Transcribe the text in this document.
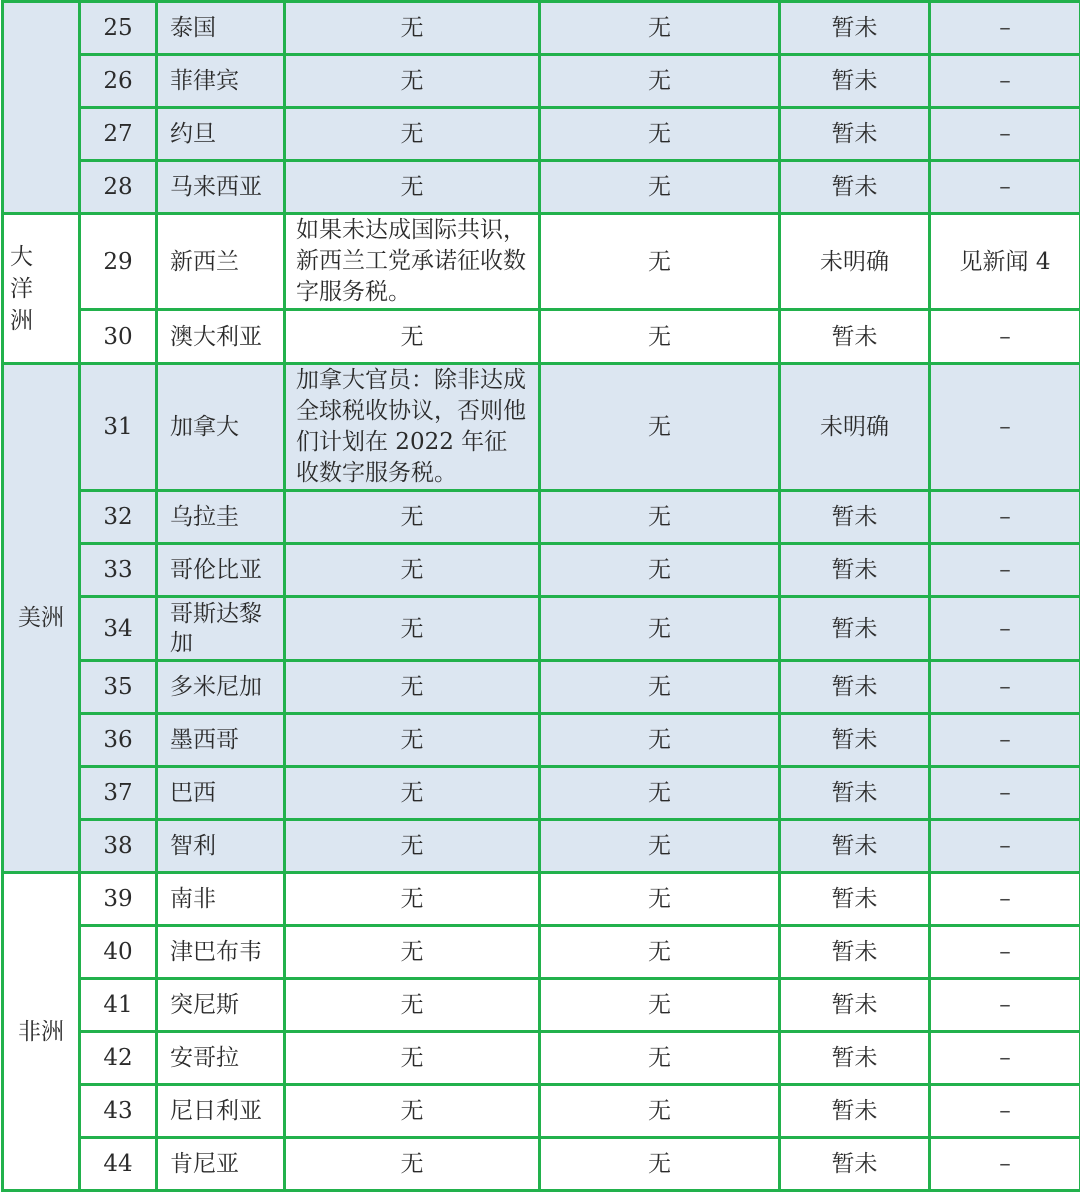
	25	泰国	无	无	暂未	–
	26	菲律宾	无	无	暂未	–
	27	约旦	无	无	暂未	–
	28	马来西亚	无	无	暂未	–
大 洋 洲	29	新西兰	如果未达成国际共识，新西兰工党承诺征收数字服务税。	无	未明确	见新闻 4
	30	澳大利亚	无	无	暂未	–
美洲	31	加拿大	加拿大官员：除非达成全球税收协议，否则他们计划在 2022 年征收数字服务税。	无	未明确	–
	32	乌拉圭	无	无	暂未	–
	33	哥伦比亚	无	无	暂未	–
	34	哥斯达黎加	无	无	暂未	–
	35	多米尼加	无	无	暂未	–
	36	墨西哥	无	无	暂未	–
	37	巴西	无	无	暂未	–
	38	智利	无	无	暂未	–
非洲	39	南非	无	无	暂未	–
	40	津巴布韦	无	无	暂未	–
	41	突尼斯	无	无	暂未	–
	42	安哥拉	无	无	暂未	–
	43	尼日利亚	无	无	暂未	–
	44	肯尼亚	无	无	暂未	–
